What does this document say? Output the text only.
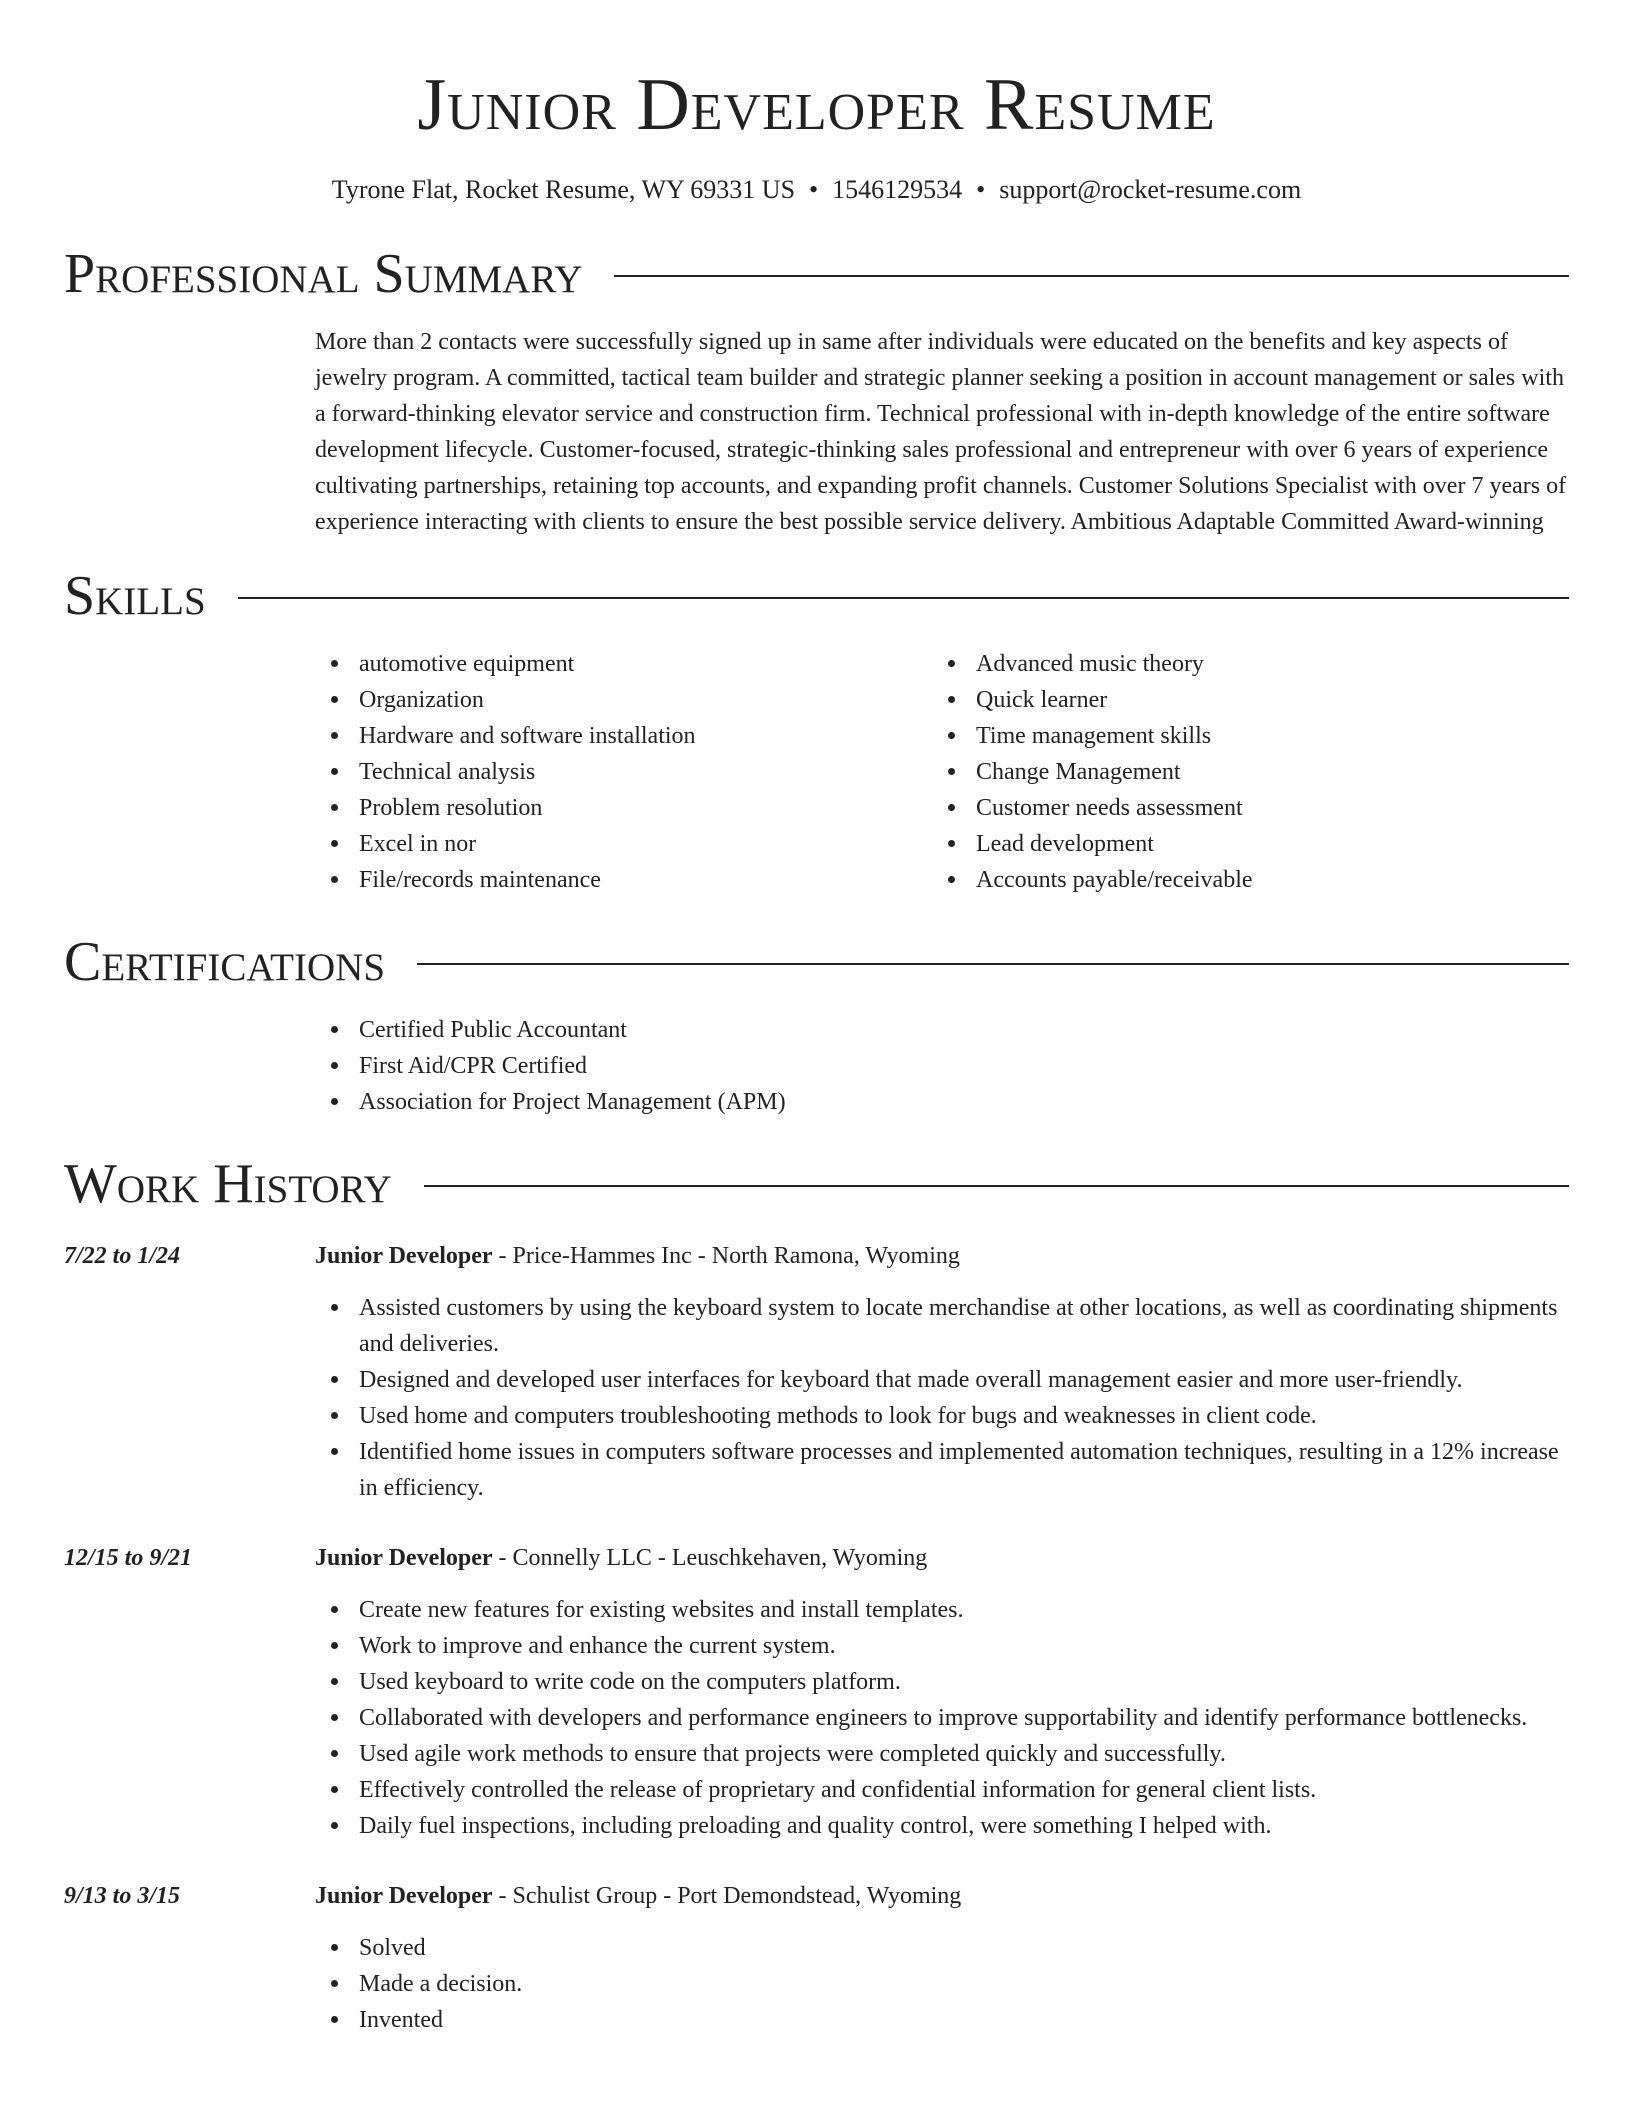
Junior Developer Resume
Tyrone Flat, Rocket Resume, WY 69331 US • 1546129534 • support@rocket-resume.com
Professional Summary

More than 2 contacts were successfully signed up in same after individuals were educated on the benefits and key aspects of jewelry program. A committed, tactical team builder and strategic planner seeking a position in account management or sales with a forward-thinking elevator service and construction firm. Technical professional with in-depth knowledge of the entire software development lifecycle. Customer-focused, strategic-thinking sales professional and entrepreneur with over 6 years of experience cultivating partnerships, retaining top accounts, and expanding profit channels. Customer Solutions Specialist with over 7 years of experience interacting with clients to ensure the best possible service delivery. Ambitious Adaptable Committed Award-winning

Skills
automotive equipment
Organization
Hardware and software installation
Technical analysis
Problem resolution
Excel in nor
File/records maintenance
Advanced music theory
Quick learner
Time management skills
Change Management
Customer needs assessment
Lead development
Accounts payable/receivable
Certifications
Certified Public Accountant
First Aid/CPR Certified
Association for Project Management (APM)
Work History
7/22 to 1/24	Junior Developer - Price-Hammes Inc - North Ramona, Wyoming
Assisted customers by using the keyboard system to locate merchandise at other locations, as well as coordinating shipments and deliveries.
Designed and developed user interfaces for keyboard that made overall management easier and more user-friendly.
Used home and computers troubleshooting methods to look for bugs and weaknesses in client code.
Identified home issues in computers software processes and implemented automation techniques, resulting in a 12% increase in efficiency.
12/15 to 9/21	Junior Developer - Connelly LLC - Leuschkehaven, Wyoming
Create new features for existing websites and install templates.
Work to improve and enhance the current system.
Used keyboard to write code on the computers platform.
Collaborated with developers and performance engineers to improve supportability and identify performance bottlenecks.
Used agile work methods to ensure that projects were completed quickly and successfully.
Effectively controlled the release of proprietary and confidential information for general client lists.
Daily fuel inspections, including preloading and quality control, were something I helped with.
9/13 to 3/15	Junior Developer - Schulist Group - Port Demondstead, Wyoming
Solved
Made a decision.
Invented
